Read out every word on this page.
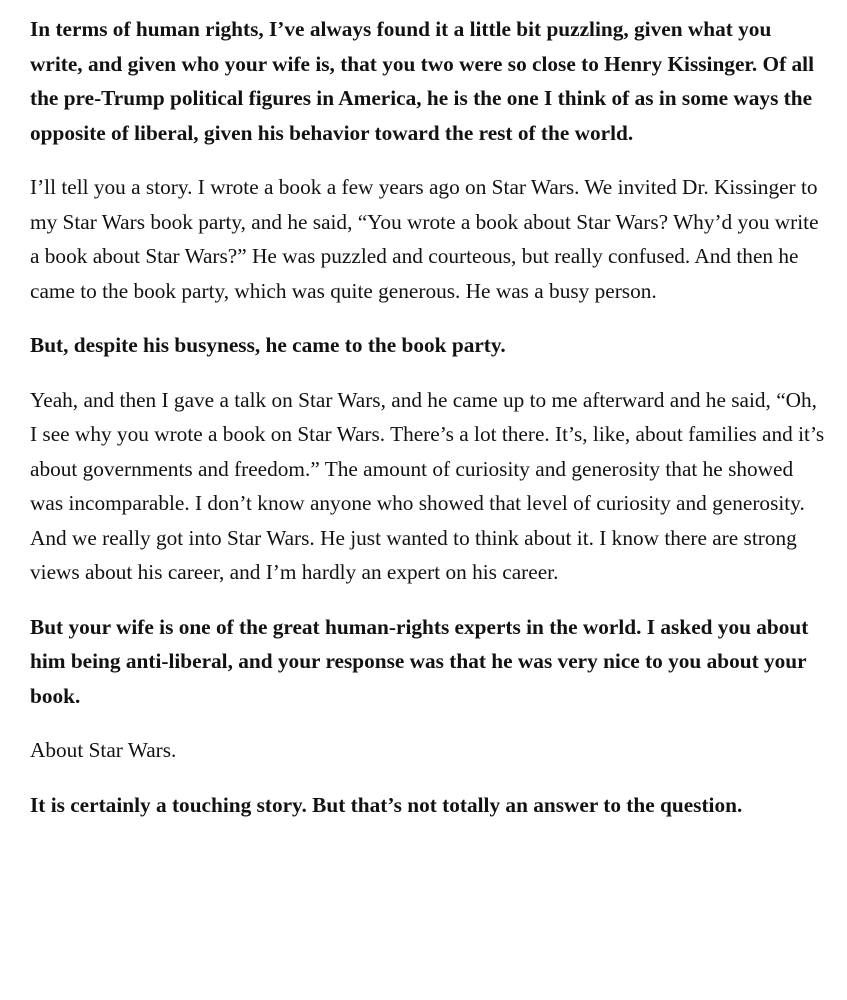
In terms of human rights, I’ve always found it a little bit puzzling, given what you write, and given who your wife is, that you two were so close to Henry Kissinger. Of all the pre-Trump political figures in America, he is the one I think of as in some ways the opposite of liberal, given his behavior toward the rest of the world.

I’ll tell you a story. I wrote a book a few years ago on Star Wars. We invited Dr. Kissinger to my Star Wars book party, and he said, “You wrote a book about Star Wars? Why’d you write a book about Star Wars?” He was puzzled and courteous, but really confused. And then he came to the book party, which was quite generous. He was a busy person.

But, despite his busyness, he came to the book party.

Yeah, and then I gave a talk on Star Wars, and he came up to me afterward and he said, “Oh, I see why you wrote a book on Star Wars. There’s a lot there. It’s, like, about families and it’s about governments and freedom.” The amount of curiosity and generosity that he showed was incomparable. I don’t know anyone who showed that level of curiosity and generosity. And we really got into Star Wars. He just wanted to think about it. I know there are strong views about his career, and I’m hardly an expert on his career.

But your wife is one of the great human-rights experts in the world. I asked you about him being anti-liberal, and your response was that he was very nice to you about your book.

About Star Wars.

It is certainly a touching story. But that’s not totally an answer to the question.
